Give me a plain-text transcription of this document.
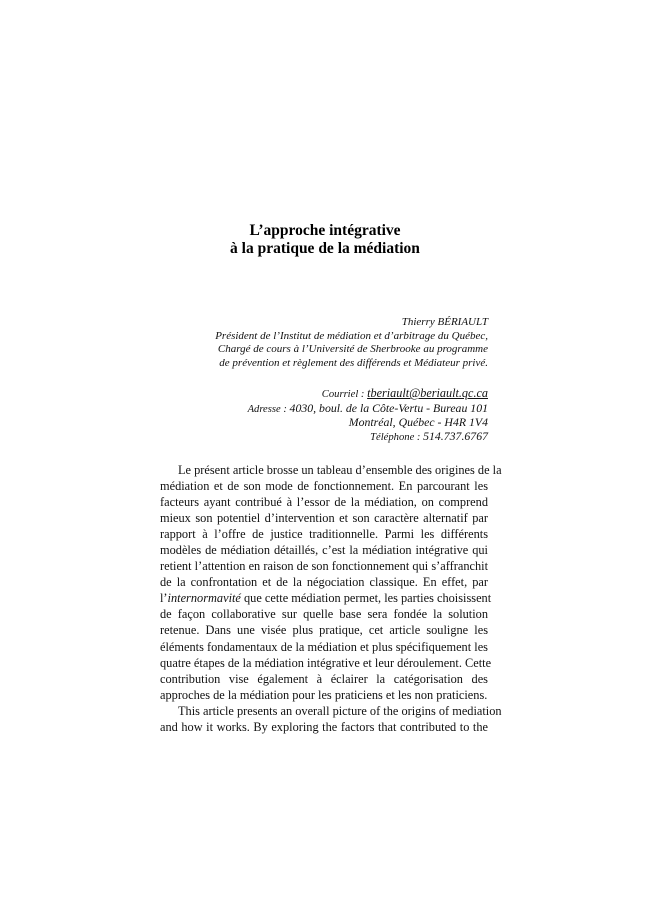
L’approche intégrative
à la pratique de la médiation
Thierry BÉRIAULT
Président de l’Institut de médiation et d’arbitrage du Québec,
Chargé de cours à l’Université de Sherbrooke au programme
de prévention et règlement des différends et Médiateur privé.
Courriel : tberiault@beriault.qc.ca
Adresse : 4030, boul. de la Côte-Vertu - Bureau 101
Montréal, Québec - H4R 1V4
Téléphone : 514.737.6767
Le présent article brosse un tableau d’ensemble des origines de la
médiation et de son mode de fonctionnement. En parcourant les
facteurs ayant contribué à l’essor de la médiation, on comprend
mieux son potentiel d’intervention et son caractère alternatif par
rapport à l’offre de justice traditionnelle. Parmi les différents
modèles de médiation détaillés, c’est la médiation intégrative qui
retient l’attention en raison de son fonctionnement qui s’affranchit
de la confrontation et de la négociation classique. En effet, par
l’internormavité que cette médiation permet, les parties choisissent
de façon collaborative sur quelle base sera fondée la solution
retenue. Dans une visée plus pratique, cet article souligne les
éléments fondamentaux de la médiation et plus spécifiquement les
quatre étapes de la médiation intégrative et leur déroulement. Cette
contribution vise également à éclairer la catégorisation des
approches de la médiation pour les praticiens et les non praticiens.
This article presents an overall picture of the origins of mediation
and how it works. By exploring the factors that contributed to the
